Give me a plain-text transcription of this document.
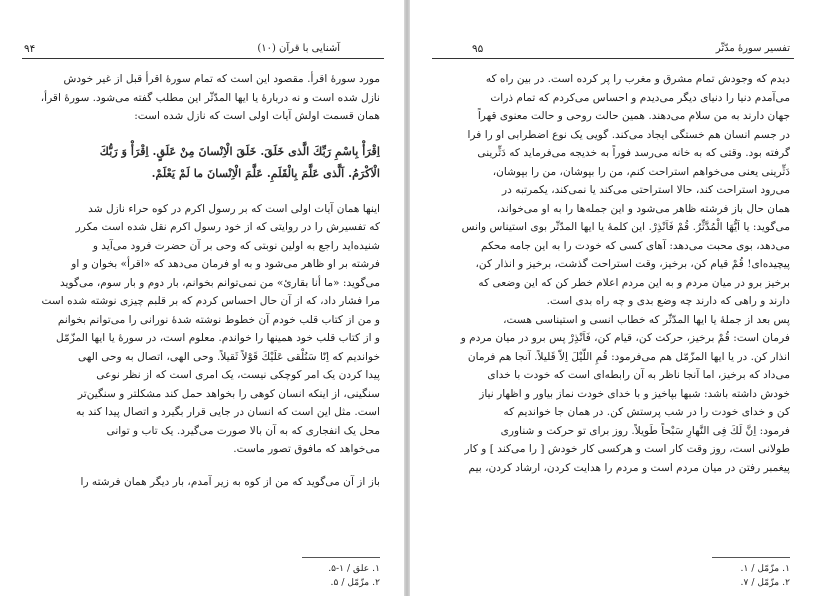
آشنایی با قرآن (۱۰)
۹۴
مورد سورهٔ اقرأ. مقصود این است که تمام سورهٔ اقرأ قبل از غیر خودش
نازل شده است و نه دربارهٔ یا ایها المدّثّر این مطلب گفته می‌شود. سورهٔ اقرأ،
همان قسمت اولش آیات اولی است که نازل شده است:
اِقْرَأْ بِاسْمِ رَبِّكَ الَّذی خَلَقَ. خَلَقَ الْاِنْسانَ مِنْ عَلَقٍ. اِقْرَأْ وَ رَبُّكَ
الْاَكْرَمُ. اَلَّذی عَلَّمَ بِالْقَلَمِ. عَلَّمَ الْاِنْسانَ ما لَمْ یَعْلَمْ.
اینها همان آیات اولی است که بر رسول اکرم در کوه حراء نازل شد
که تفسیرش را در روایتی که از خود رسول اکرم نقل شده است مکرر
شنیده‌اید راجع به اولین نوبتی که وحی بر آن حضرت فرود می‌آید و
فرشته بر او ظاهر می‌شود و به او فرمان می‌دهد که «اقرأ» بخوان و او
می‌گوید: «ما أنا بقارئ» من نمی‌توانم بخوانم، بار دوم و بار سوم، می‌گوید
مرا فشار داد، که از آن حال احساس کردم که بر قلبم چیزی نوشته شده است
و من از کتاب قلب خودم آن خطوط نوشته شدهٔ نورانی را می‌توانم بخوانم
و از کتاب قلب خود همینها را خواندم. معلوم است، در سورهٔ یا ایها المزّمّل
خواندیم که اِنّا سَنُلْقی عَلَیْكَ قَوْلاً ثَقیلاً. وحی الهی، اتصال به وحی الهی
پیدا کردن یک امر کوچکی نیست، یک امری است که از نظر نوعی
سنگینی، از اینکه انسان کوهی را بخواهد حمل کند مشکلتر و سنگین‌تر
است. مثل این است که انسان در جایی قرار بگیرد و اتصال پیدا کند به
محل یک انفجاری که به آن بالا صورت می‌گیرد. یک تاب و توانی
می‌خواهد که مافوق تصور ماست.
باز از آن می‌گوید که من از کوه به زیر آمدم، بار دیگر همان فرشته را
۱. علق / ۱-۵.
۲. مزّمّل / ۵.
تفسیر سورهٔ مدّثّر
۹۵
دیدم که وجودش تمام مشرق و مغرب را پر کرده است. در بین راه که
می‌آمدم دنیا را دنیای دیگر می‌دیدم و احساس می‌کردم که تمام ذرات
جهان دارند به من سلام می‌دهند. همین حالت روحی و حالت معنوی قهراً
در جسم انسان هم خستگی ایجاد می‌کند. گویی یک نوع اضطرابی او را فرا
گرفته بود. وقتی که به خانه می‌رسد فوراً به خدیجه می‌فرماید که دَثِّرینی
دَثِّرینی یعنی می‌خواهم استراحت کنم، من را بپوشان، من را بپوشان،
می‌رود استراحت کند، حالا استراحتی می‌کند یا نمی‌کند، یکمرتبه در
همان حال باز فرشته ظاهر می‌شود و این جمله‌ها را به او می‌خواند،
می‌گوید: یا اَیُّهَا الْمُدَّثِّرُ. قُمْ فَاَنْذِرْ. این کلمهٔ یا ایها المدّثّر بوی استیناس وانس
می‌دهد، بوی محبت می‌دهد: آهای کسی که خودت را به این جامه محکم
پیچیده‌ای! قُمْ قیام کن، برخیز، وقت استراحت گذشت، برخیز و انذار کن،
برخیز برو در میان مردم و به این مردم اعلام خطر کن که این وضعی که
دارند و راهی که دارند چه وضع بدی و چه راه بدی است.
پس بعد از جملهٔ یا ایها المدّثّر که خطاب انسی و استیناسی هست،
فرمان است: قُمْ برخیز، حرکت کن، قیام کن، فَاَنْذِرْ پس برو در میان مردم و
انذار کن. در یا ایها المزّمّل هم می‌فرمود: قُمِ اللَّیْلَ اِلاّ قَلیلاً. آنجا هم فرمان
می‌داد که برخیز، اما آنجا ناظر به آن رابطه‌ای است که خودت با خدای
خودش داشته باشد: شبها بپاخیز و با خدای خودت نماز بیاور و اظهار نیاز
کن و خدای خودت را در شب پرستش کن. در همان جا خواندیم که
فرمود: اِنَّ لَكَ فِی النَّهارِ سَبْحاً طَویلاً. روز برای تو حرکت و شناوری
طولانی است، روز وقت کار است و هرکسی کار خودش [ را می‌کند ] و کار
پیغمبر رفتن در میان مردم است و مردم را هدایت کردن، ارشاد کردن، بیم
۱. مزّمّل / ۱.
۲. مزّمّل / ۷.
